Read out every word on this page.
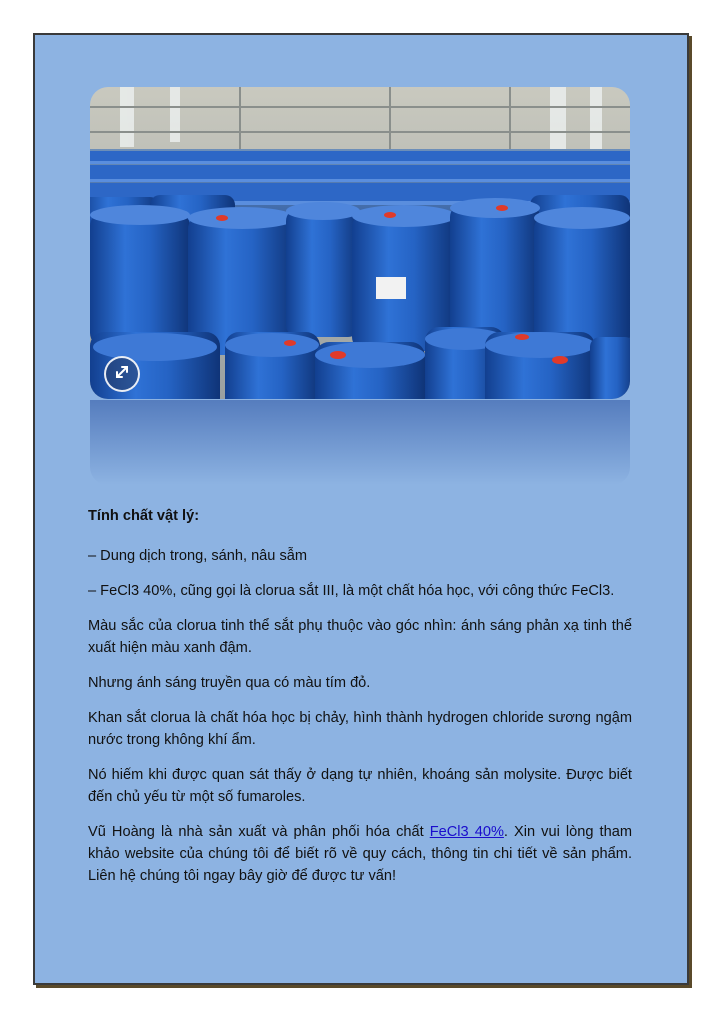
Tính chất vật lý:

– Dung dịch trong, sánh, nâu sẫm

– FeCl3 40%, cũng gọi là clorua sắt III, là một chất hóa học, với công thức FeCl3.

Màu sắc của clorua tinh thể sắt phụ thuộc vào góc nhìn: ánh sáng phản xạ tinh thể xuất hiện màu xanh đậm.

Nhưng ánh sáng truyền qua có màu tím đỏ.

Khan sắt clorua là chất hóa học bị chảy, hình thành hydrogen chloride sương ngậm nước trong không khí ẩm.

Nó hiếm khi được quan sát thấy ở dạng tự nhiên, khoáng sản molysite. Được biết đến chủ yếu từ một số fumaroles.

Vũ Hoàng là nhà sản xuất và phân phối hóa chất FeCl3 40%. Xin vui lòng tham khảo website của chúng tôi để biết rõ về quy cách, thông tin chi tiết về sản phẩm. Liên hệ chúng tôi ngay bây giờ để được tư vấn!
